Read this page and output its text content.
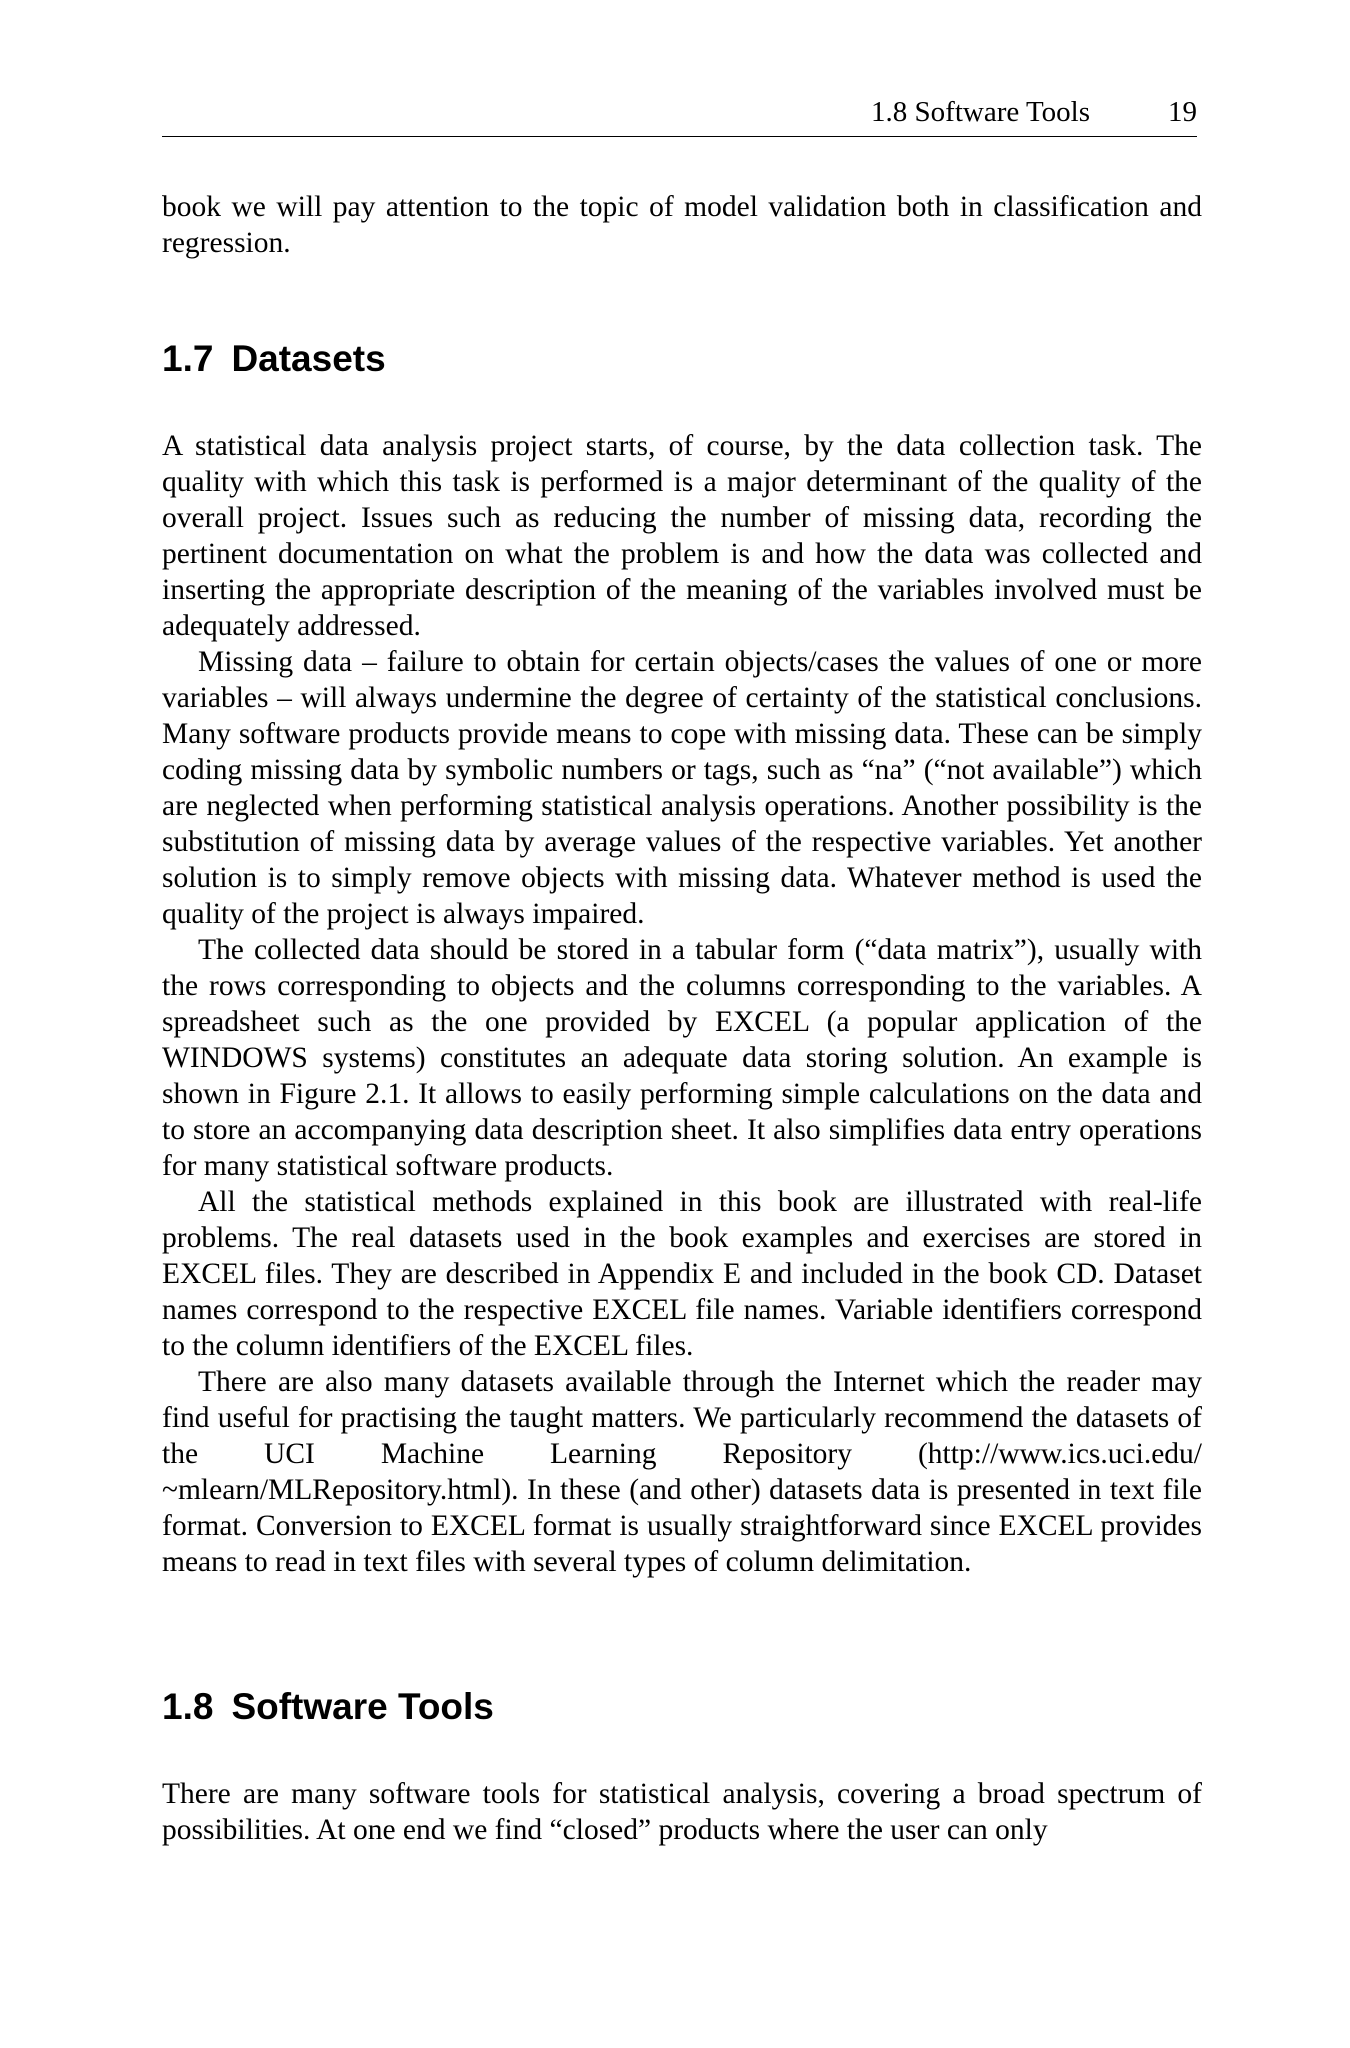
1.8 Software Tools	19

book we will pay attention to the topic of model validation both in classification and regression.

1.7 Datasets

A statistical data analysis project starts, of course, by the data collection task. The quality with which this task is performed is a major determinant of the quality of the overall project. Issues such as reducing the number of missing data, recording the pertinent documentation on what the problem is and how the data was collected and inserting the appropriate description of the meaning of the variables involved must be adequately addressed.

Missing data – failure to obtain for certain objects/cases the values of one or more variables – will always undermine the degree of certainty of the statistical conclusions. Many software products provide means to cope with missing data. These can be simply coding missing data by symbolic numbers or tags, such as “na” (“not available”) which are neglected when performing statistical analysis operations. Another possibility is the substitution of missing data by average values of the respective variables. Yet another solution is to simply remove objects with missing data. Whatever method is used the quality of the project is always impaired.

The collected data should be stored in a tabular form (“data matrix”), usually with the rows corresponding to objects and the columns corresponding to the variables. A spreadsheet such as the one provided by EXCEL (a popular application of the WINDOWS systems) constitutes an adequate data storing solution. An example is shown in Figure 2.1. It allows to easily performing simple calculations on the data and to store an accompanying data description sheet. It also simplifies data entry operations for many statistical software products.

All the statistical methods explained in this book are illustrated with real-life problems. The real datasets used in the book examples and exercises are stored in EXCEL files. They are described in Appendix E and included in the book CD. Dataset names correspond to the respective EXCEL file names. Variable identifiers correspond to the column identifiers of the EXCEL files.

There are also many datasets available through the Internet which the reader may find useful for practising the taught matters. We particularly recommend the datasets of the UCI Machine Learning Repository (http://www.ics.uci.edu/ ~mlearn/MLRepository.html). In these (and other) datasets data is presented in text file format. Conversion to EXCEL format is usually straightforward since EXCEL provides means to read in text files with several types of column delimitation.

1.8 Software Tools

There are many software tools for statistical analysis, covering a broad spectrum of possibilities. At one end we find “closed” products where the user can only
